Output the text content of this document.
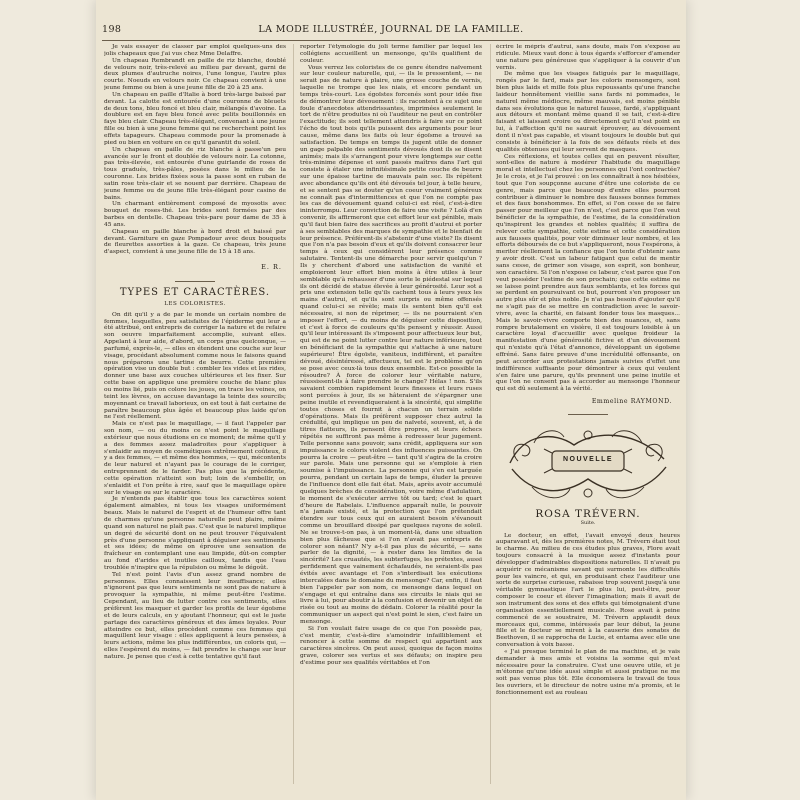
198	LA MODE ILLUSTRÉE, JOURNAL DE LA FAMILLE.

Je vais essayer de classer par emploi quelques-uns des jolis chapeaux que j'ai vus chez Mme Delaffre.

Un chapeau Rembrandt en paille de riz blanche, doublé de velours noir, très-relevé au milieu par devant, garni de deux plumes d'autruche noires, l'une longue, l'autre plus courte. Noeuds en velours noir. Ce chapeau convient à une jeune femme ou bien à une jeune fille de 20 à 25 ans.

Un chapeau en paille d'Italie à bord très-large baissé par devant. La calotte est entourée d'une couronne de bleuets de deux tons, bleu foncé et bleu clair, mélangés d'avoine. La doublure est en faye bleu foncé avec pelits bouillonnés en faye bleu clair. Chapeau très-élégant, convenant à une jeune fille ou bien à une jeune femme qui ne recherchent point les effets tapageurs. Chapeau commode pour la promenade à pied ou bien en voiture en ce qu'il garantit du soleil.

Un chapeau en paille de riz blanche à passe'un peu avancée sur le front et doublée de velours noir. La cotonne, pas très-élevée, est entourée d'une guirlande de roses de tous gradués, très-pâles, posées dans le milieu de la couronne. Les brides fixées sous la passe sont en ruban de satin rose très-clair et se nouent par derrière. Chapeau de jeune femme ou de jeune fille très-élégant pour casino de bains.

Un charmant entièrement composé de myosotis avec bouquet de roses-thé. Les brides sont formées par des barbes en dentelle. Chapeau très-pare pour dame de 35 à 45 ans.

Chapeau en paille blanche à bord droit et baissé par devant. Garniture en gaze Pompadour avec deux bouquets de fleurettes assorties à la gaze. Ce chapeau, très jeune d'aspect, convient à une jeune fille de 15 à 18 ans.

E. R.
TYPES ET CARACTÈRES.
LES COLORISTES.

On dit qu'il y a de par le monde un certain nombre de femmes, lesquelles, peu satisfaites de l'épiderme qui leur a été attribué, ont entrepris de corriger la nature et de refaire son oeuvre imparfaitement accomplie, suivant elles. Appelant à leur aide, d'abord, un corps gras quelconque, — parfumé, exprès-le, — elles en étendent une couche sur leur visage, procédant absolument comme nous le faisons quand nous préparons une tartine de beurre. Cette première opération vise un double but : combler les vides et les rides, donner une base aux couches ultérieures et les fixer. Sur cette base on applique une première couche de blanc plus ou moins lié, puis on colore les joues, on trace les veines, on teint les lèvres, on accuse davantage la teinte des sourcils; moyennant ce travail laborieux, on est tout à fait certaine de paraître beaucoup plus âgée et beaucoup plus laide qu'on ne l'est réellement.

Mais ce n'est pas le maquillage, — il faut l'appeler par son nom, — ou du moins ce n'est point le maquillage extérieur que nous étudions en ce moment; de même qu'il y a des femmes assez maladroites pour s'appliquer à s'enlaidir au moyen de cosmétiques extrêmement coûteux, il y a des femmes, — et même des hommes, — qui, mécontents de leur naturel et n'ayant pas le courage de le corriger, entreprennent de le farder. Pas plus que la précédente, cette opération n'atteint son but; loin de s'embellir, on s'enlaidit et l'on prête à rire, sauf que le maquillage opère sur le visage ou sur le caractère.

Je n'entends pas établir que tous les caractères soient également aimables, ni tous les visages uniformément beaux. Mais le naturel de l'esprit et de l'humeur offre tant de charmes qu'une personne naturelle peut plaire, même quand son naturel ne plaît pas. C'est que le naturel implique un degré de sécurité dont on ne peut trouver l'équivalent près d'une personne s'appliquant à déguiser ses sentiments et ses idées; de même on éprouve une sensation de fraîcheur en contemplant une eau limpide, dût-on compter au fond d'arides et inutiles cailloux, tandis que l'eau troublée n'inspire que la répulsion ou même le dégoût.

Tel n'est point l'avis d'un assez grand nombre de personnes. Elles connaissent leur insuffisance; elles n'ignorent pas que leurs sentiments ne sont pas de nature à provoquer la sympathie, ni même peut-être l'estime. Cependant, au lieu de lutter contre ces sentiments, elles préfèrent les masquer et garder les profils de leur égoïsme et de leurs calculs, en y ajoutant l'honneur, qui est le juste partage des caractères généreux et des âmes loyales. Pour atteindre ce but, elles procèdent comme ces femmes qui maquillent leur visage : elles appliquent à leurs pensées, à leurs actions, même les plus indifférentes, un coloris qui, — elles l'espèrent du moins, — fait prendre le change sur leur nature. Je pense que c'est à cette tentative qu'il faut

reporter l'étymologie du joli terme familier par lequel les collégiens accueillent un mensonge, qu'ils qualifient de couleur.

Vous verrez les coloristes de ce genre étendre naïvement sur leur couleur naturelle, qui, — ils le pressentent, — ne serait pas de nature à plaire, une grosse couche de vernis, laquelle ne trompe que les niais, et encore pendant un temps très-court. Les égoïstes forcenés sont pour idée fixe de démontrer leur dévouement : ils racontent à ce sujet une foule d'anecdotes attendrissantes, imprimées seulement le tort de n'être produites ni où l'auditeur ne peut en contrôler l'exactitude; ils sont tellement attendris à faire sur ce point l'écho de tout bois qu'ils puissent des arguments pour leur cause, même dans les faits où leur égoïsme a trouvé sa satisfaction. De temps en temps ils jugent utile de donner un gage palpable des sentiments dévoués dont ils se disent animés; mais ils s'arrangent pour vivre longtemps sur cette très-minime dépense et sont passés maîtres dans l'art qui consiste à étaler une infinitésimale petite couche de beurre sur une épaisse tartine de mauvais pain sec. Ils répètent avec abondance qu'ils ont été dévoués tel jour, à telle heure, et se sentent pas se douter qu'un coeur vraiment généreux ne connaît pas d'intermittences et que l'on ne compte pas les cas de dévouement quand celui-ci est réel, c'est-à-dire ininterrompu. Leur conviction de faire une visite ? Lolà d'en convenir, ils affirmeront que cet effort leur est pénible, mais qu'il faut bien faire des sacrifices au profit d'autrui et porter à ses semblables des marques de sympathie et le bienfait de leur présence. Préférent-ils s'abstenir d'une visite? Ils disent que l'on n'a pas besoin d'eux et qu'ils doivent consacrer leur temps à ceux qui considèrent leur présence comme salutaire. Tentent-ils une démarche pour servir quelqu'un ? Ils y cherchent d'abord une satisfaction de vanité et emploieront leur effort bien moins à être utiles à leur semblable qu'à rehausser d'une sorte le piédestal sur lequel ils ont décidé de statue élevée à leur générosité. Leur sot a pris une extension telle qu'ils cachent tous à leurs yeux les mains d'autrui, et qu'ils sont surpris ou même offensés quand celui-ci se révèle; mais ils sentent bien qu'il est nécessaire, si non de réprimer, — ils ne pourraient s'en imposer l'effort, — du moins de déguiser cette disposition, et c'est à force de couleurs qu'ils pensent y réussir. Aussi qu'il leur intéressant ils s'imposent pour affectueux leur but, qui est de ne point lutter contre leur nature inférieure, tout en bénéficiant de la sympathie qui s'attache à une nature supérieure! Être égoïste, vaniteux, indifférent, et paraître dévoué, désintéressé, affectueux, tel est le problème qu'on se pose avec ceux-là tous deux ensemble. Est-ce possible la résoudre? À force de colorer leur véritable nature, réussissent-ils à faire prendre le change? Hélas ! non. S'ils savaient combien rapidement leurs finesses et leurs ruses sont percées à jour, ils se hâteraient de s'épargner une peine inutile et revendiqueraient à la sincérité, qui simplifie toutes choses et fournit à chacun un terrain solide d'opérations. Mais ils préfèrent supposer chez autrui la crédulité, qui implique un peu de naïveté, souvent, et, à de titres flatteurs, ils pensent être propres, et leurs échecs répétés ne suffiront pas même à redresser leur jugement. Telle personne sans pouvoir, sans crédit, appliquera sur son impuissance le coloris violent des influences puissantes. On pourra la croire — peut-être — tant qu'il s'agira de la croire sur parole. Mais une personne qui se s'emploie à rien soumise à l'impuissance. La personne qui s'en est targuée pourra, pendant un certain laps de temps, éluder la preuve de l'influence dont elle fait état. Mais, après avoir accumulé quelques brèches de considération, voire même d'adulation, le moment de s'exécuter arrive tôt ou tard; c'est le quart d'heure de Rabelais. L'influence apparaît nulle, le pouvoir n'a jamais existé, et la protection que l'on prétendait étendre sur tous ceux qui en auraient besoin s'évanouit comme un brouillard dissipé par quelques rayons de soleil. Ne se trouve-t-on pas, à un moment-là, dans une situation bien plus fâcheuse que si l'on n'avait pas entrepris de colorer son néant? N'y a-t-il pas plus de sécurité, — sans parler de la dignité, — à rester dans les limites de la sincérité? Les cruautés, les subterfuges, les prétextes, aussi perfidement que vainement échafaudés, ne seraient-ils pas évités avec avantage et l'on s'interdisait les exécutions intercalées dans le domaine du mensonge? Car, enfin, il faut bien l'appeler par son nom, ce mensonge dans lequel on s'engage et qui entraîne dans ses circuits le niais qui se livre à lui, pour aboutir à la confusion et devenir un objet de risée ou tout au moins de dédain. Colorer la réalité pour la communiquer un aspect qui n'est point le sien, c'est faire un mensonge.

Si l'on voulait faire usage de ce que l'on possède pas, c'est mentir, c'est-à-dire s'amoindrir infailliblement et renoncer à cette somme de respect qui appartient aux caractères sincères. On peut aussi, quoique de façon moins grave, colorer ses vertus et ses défauts; on inspire peu d'estime pour ses qualités véritables et l'on

écrire le mépris d'autrui, sans doute, mais l'on s'expose au ridicule. Mieux vaut donc à tous égards s'efforcer d'amender une nature peu généreuse que s'appliquer à la couvrir d'un vernis.

De même que les visages fatigués par le maquillage, rongés par le fard, mais par les coloris mensongers, sont bien plus laids et mille fois plus repoussants qu'une franche laideur honnêtement vieillie sans fards ni pommades, le naturel même médiocre, même mauvais, est moins pénible dans ses évolutions que le naturel fausse, fardé, s'appliquant aux détours et montant même quand il se tait, c'est-à-dire faisant et laissant croire ou directement qu'il n'est point en lui, à l'affection qu'il ne saurait éprouver, au dévouement dont il n'est pas capable, et visant toujours le double but qui consiste à bénéficier à la fois de ses défauts réels et des qualités obtenues qui leur servent de masques.

Ces réflexions, et toutes celles qui en peuvent résulter, sont-elles de nature à modérer l'habitude du maquillage moral et intellectuel chez les personnes qui l'ont contractée? Je le crois, et je l'ai prouvé : on les connaîtrait à nos hésitées, tout que l'on soupçonne aucune d'être une coloriste de ce genre, mais parce que beaucoup d'entre elles pourront contribuer à diminuer le nombre des fausses bonnes femmes et des faux bonshommes. En effet, si l'on cesse de se faire passer pour meilleur que l'on n'est, c'est parce que l'on veut bénéficier de la sympathie, de l'estime, de la considération qu'inspirent les grandes et nobles qualités; il suffira de relever cette sympathie, cette estime et cette considération aux fausses qualités, pour voir diminuer leur nombre, et les efforts déboursés de ce but s'appliqueront, nous l'espérons, à meriter réellement la confiance que l'on tente d'obtenir sans y avoir droit. C'est un labeur fatigant que celui de mentir sans cesse, de grimer son visage, son esprit, son bonheur, son caractère. Si l'on n'expose ce labeur, c'est parce que l'on veut posséder l'estime de son prochain; que cette estime ne se laisse point prendre aux faux semblants, et les forces qui se perdent en poursuivant ce but, pourront s'en proposer un autre plus sûr et plus noble. Je n'ai pas besoin d'ajouter qu'il ne s'agit pas de se mettre en contradiction avec le savoir-vivre, avec la charité, en faisant fonder tous les masques... Mais le savoir-vivre comporte bien des nuances, et, sans rompre brutalement en visière, il est toujours loisible à un caractère loyal d'accueillir avec quelque froideur la manifestation d'une générosité fictive et d'un dévouement qui n'existe qu'à l'état d'annonce, développant un égoïsme effréné. Sans faire preuve d'une incrédulité offensante, on peut accorder aux protestations jamais suivies d'effet une indifférence suffisante pour démontrer à ceux qui veulent s'en faire une parure, qu'ils prennent une peine inutile et que l'on ne consent pas à accorder au mensonge l'honneur qui est dû seulement à la vérité.

Emmeline RAYMOND.
NOUVELLE
ROSA TRÉVERN.
Suite.

Le docteur, en effet, l'avait envoyé deux heures auparavant et, dès les premières notes, M. Trévern était tout le charme. Au milieu de ces études plus graves, Flore avait toujours consacré à la musique assez d'instants pour développer d'admirables dispositions naturelles. Il n'avait pu acquérir ce mécanisme savant qui surmonte les difficultés pour les vaincre, et qui, en produisant chez l'auditeur une sorte de surprise curieuse, rabaisse trop souvent jusqu'à une véritable gymnastique l'art le plus lui, peut-être, pour composer le coeur et élever l'imagination; mais il avait de son instrument des sons et des effets qui témoignaient d'une organisation essentiellement musicale. Rose avait à peine commencé de se soustraire, M. Trévern applaudit deux morceaux qui, comme, intéressés par leur début, la jeune fille et le docteur se mirent à la causerie des sonates de Beethoven, il se rapprocha de Lucie, et entama avec elle une conversation à voix basse.

« J'ai presque terminé le plan de ma machine, et je vais demander à mes amis et voisins la somme qui m'est nécessaire pour la construire. C'est une oeuvre utile, et je m'étonne qu'une idée aussi simple et aussi pratique ne me soit pas venue plus tôt. Elle économisera le travail de tous les ouvriers, et le directeur de notre usine m'a promis, et le fonctionnement est au rouleau
